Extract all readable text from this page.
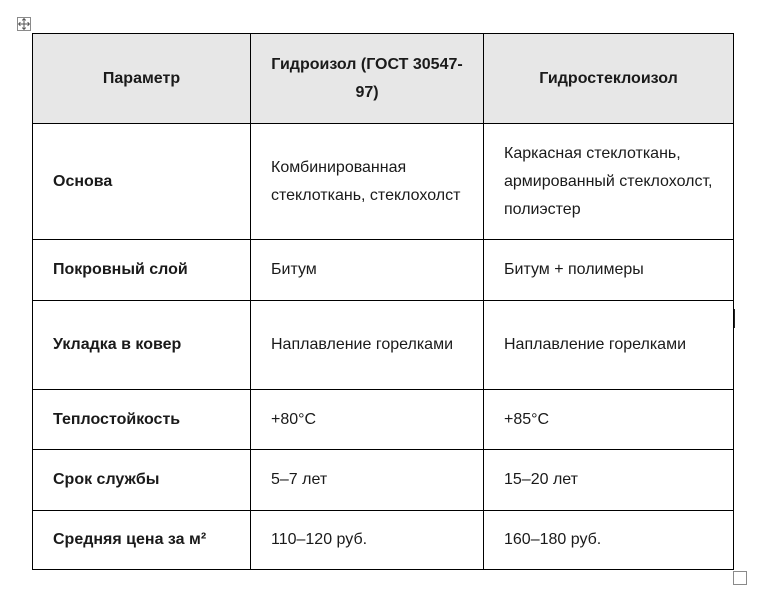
Параметр	Гидроизол (ГОСТ 30547-97)	Гидростеклоизол
Основа	Комбинированная стеклоткань, стеклохолст	Каркасная стеклоткань, армированный стеклохолст, полиэстер
Покровный слой	Битум	Битум + полимеры
Укладка в ковер	Наплавление горелками	Наплавление горелками
Теплостойкость	+80°C	+85°C
Срок службы	5–7 лет	15–20 лет
Средняя цена за м²	110–120 руб.	160–180 руб.
